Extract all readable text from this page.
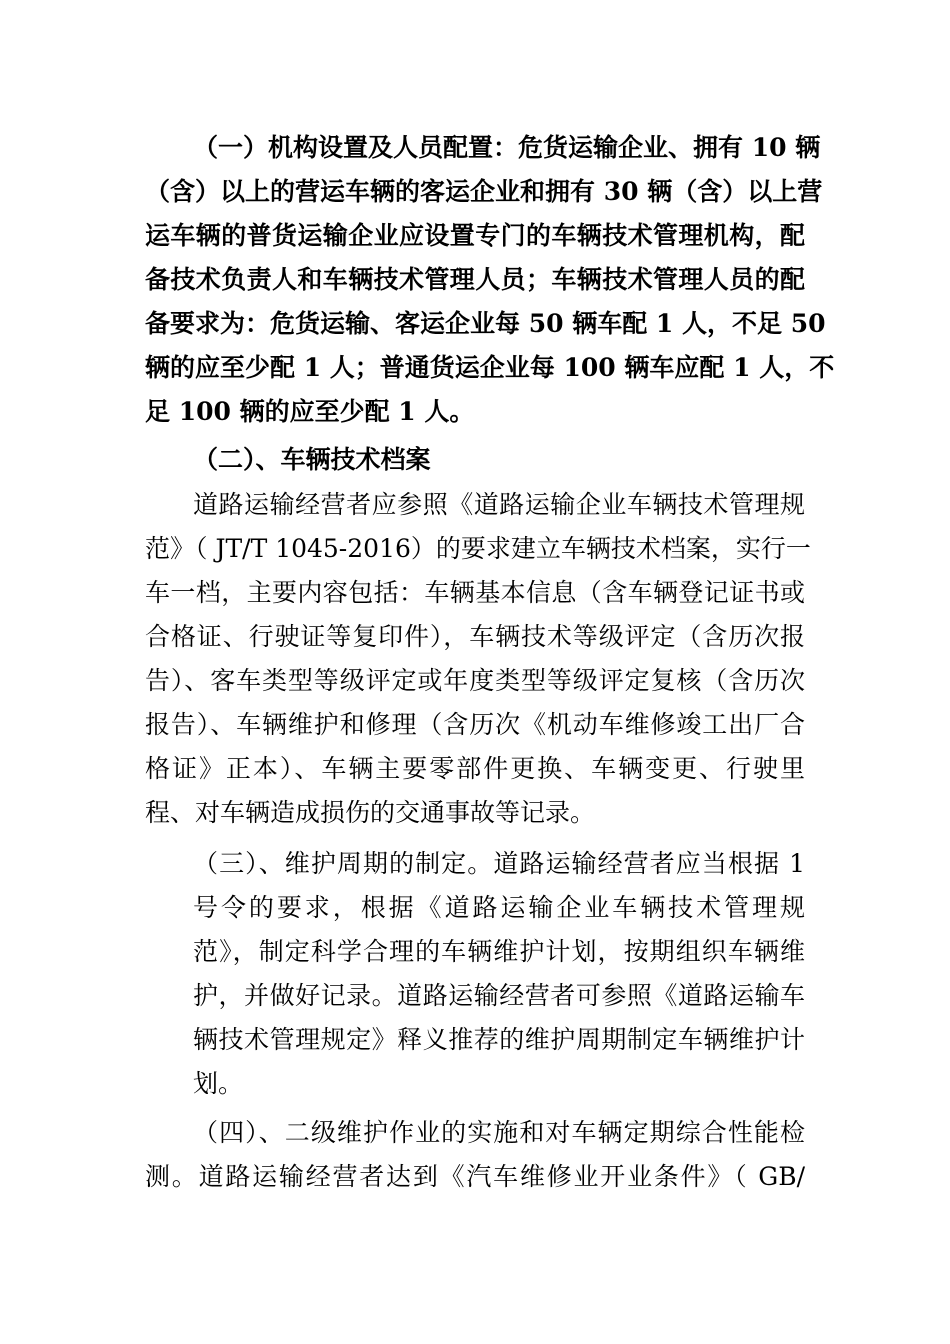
（一）机构设置及人员配置：危货运输企业、拥有 10 辆
（含）以上的营运车辆的客运企业和拥有 30 辆（含）以上营
运车辆的普货运输企业应设置专门的车辆技术管理机构，配
备技术负责人和车辆技术管理人员；车辆技术管理人员的配
备要求为：危货运输、客运企业每 50 辆车配 1 人，不足 50
辆的应至少配 1 人；普通货运企业每 100 辆车应配 1 人，不
足 100 辆的应至少配 1 人。
（二）、车辆技术档案
道路运输经营者应参照《道路运输企业车辆技术管理规
范》（ JT/T 1045-2016）的要求建立车辆技术档案，实行一
车一档，主要内容包括：车辆基本信息（含车辆登记证书或
合格证、行驶证等复印件），车辆技术等级评定（含历次报
告）、客车类型等级评定或年度类型等级评定复核（含历次
报告）、车辆维护和修理（含历次《机动车维修竣工出厂合
格证》正本）、车辆主要零部件更换、车辆变更、行驶里
程、对车辆造成损伤的交通事故等记录。
（三）、维护周期的制定。道路运输经营者应当根据 1
号令的要求，根据《道路运输企业车辆技术管理规
范》，制定科学合理的车辆维护计划，按期组织车辆维
护，并做好记录。道路运输经营者可参照《道路运输车
辆技术管理规定》释义推荐的维护周期制定车辆维护计
划。
（四）、二级维护作业的实施和对车辆定期综合性能检
测。道路运输经营者达到《汽车维修业开业条件》（ GB/
